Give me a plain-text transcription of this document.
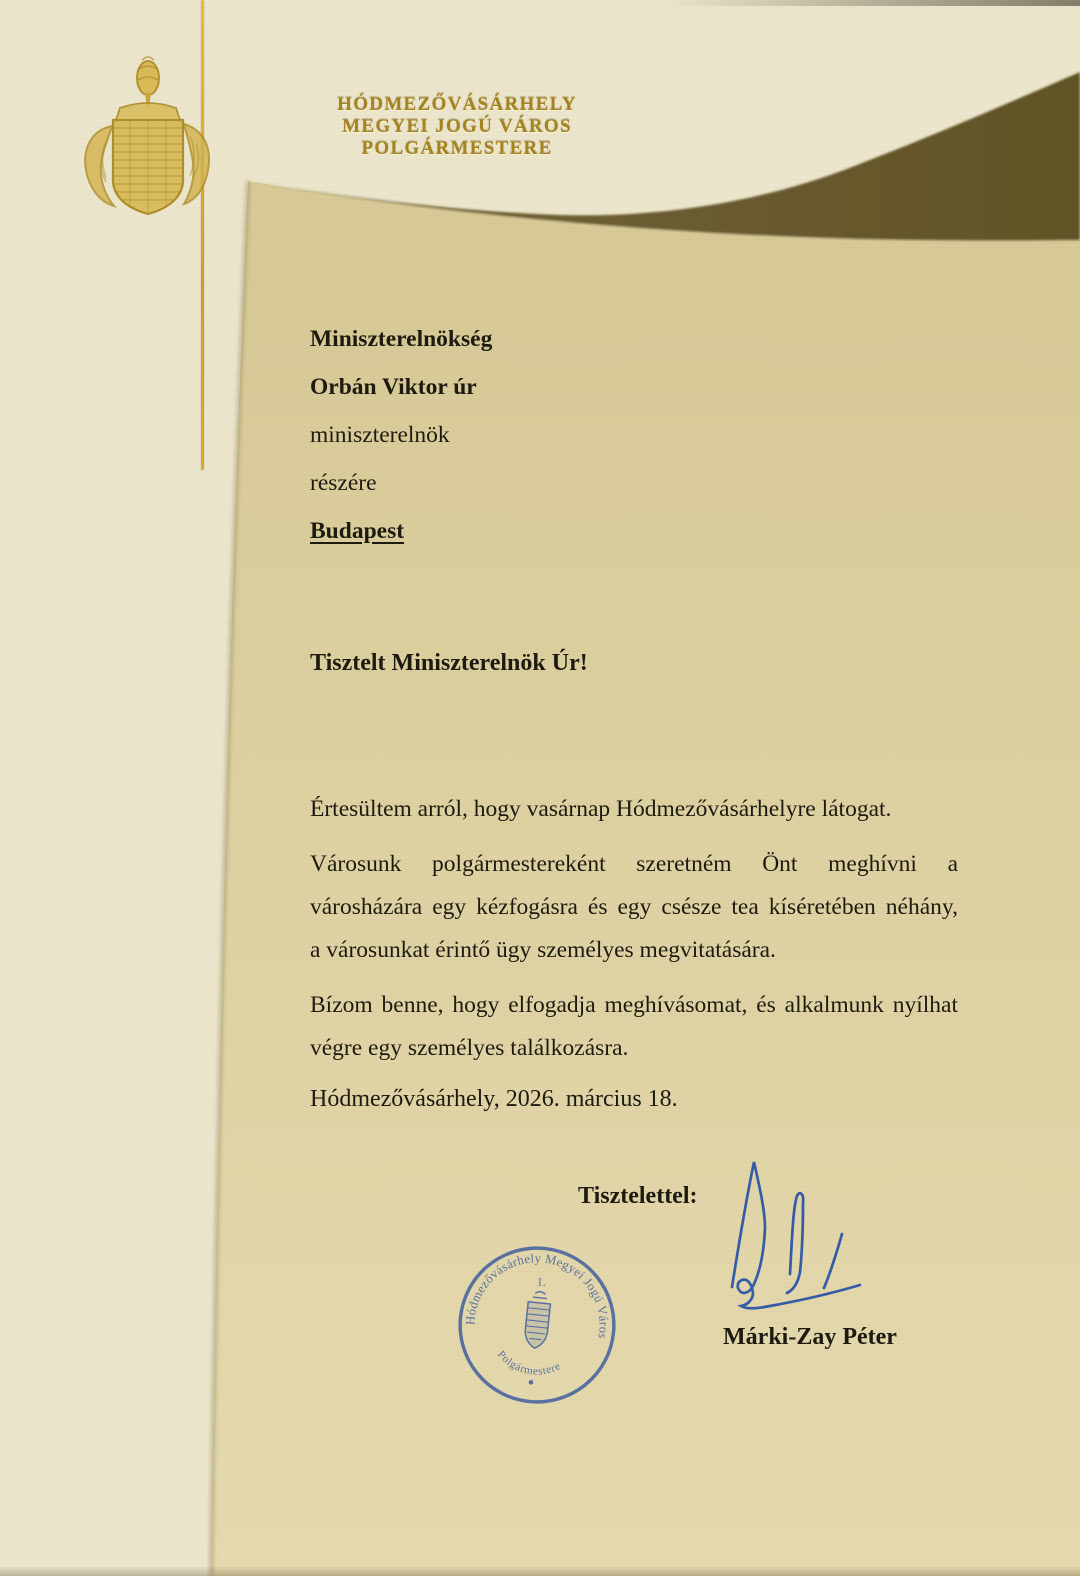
HÓDMEZŐVÁSÁRHELY
MEGYEI JOGÚ VÁROS
POLGÁRMESTERE

Miniszterelnökség

Orbán Viktor úr

miniszterelnök

részére

Budapest

Tisztelt Miniszterelnök Úr!

Értesültem arról, hogy vasárnap Hódmezővásárhelyre látogat.

Városunk polgármestereként szeretném Önt meghívni a
városházára egy kézfogásra és egy csésze tea kíséretében néhány,
a városunkat érintő ügy személyes megvitatására.

Bízom benne, hogy elfogadja meghívásomat, és alkalmunk nyílhat
végre egy személyes találkozásra.

Hódmezővásárhely, 2026. március 18.
Tisztelettel:
Hódmezővásárhely Megyei Jogú Város
1.
Polgármestere
Márki-Zay Péter
